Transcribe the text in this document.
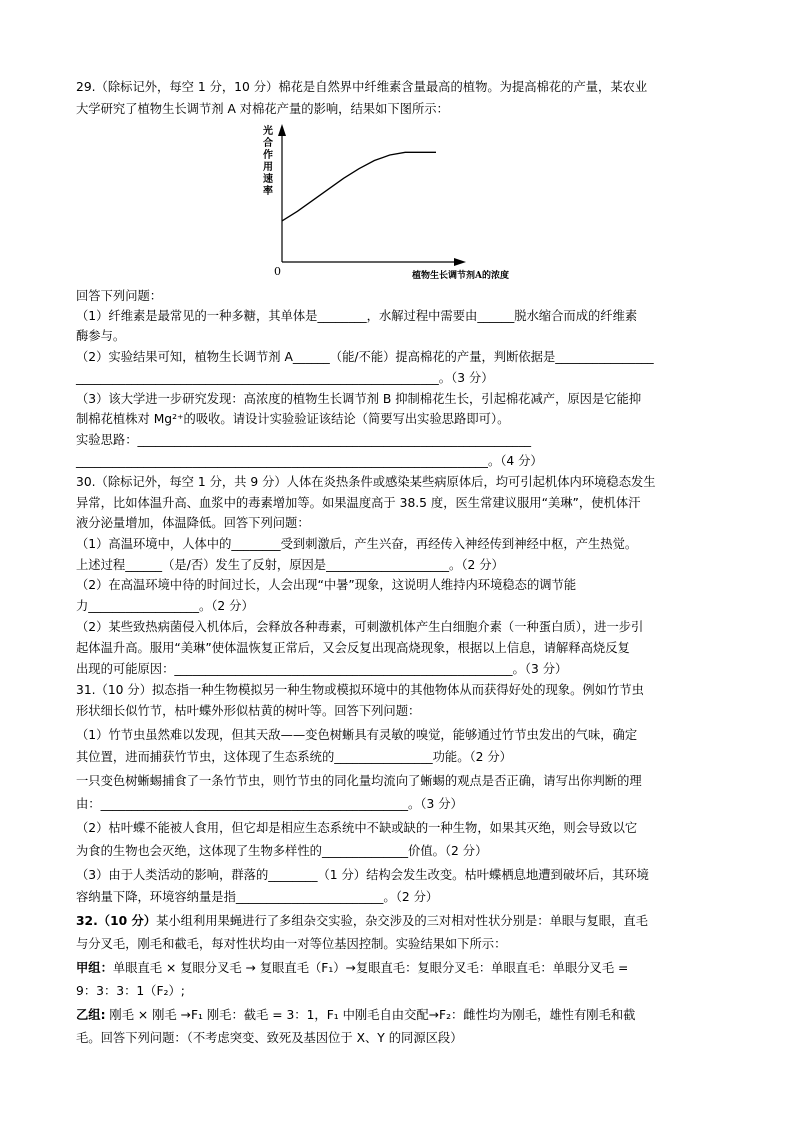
29.（除标记外，每空 1 分，10 分）棉花是自然界中纤维素含量最高的植物。为提高棉花的产量，某农业
大学研究了植物生长调节剂 A 对棉花产量的影响，结果如下图所示：
光
合
作
用
速
率
0	植物生长调节剂A的浓度
回答下列问题：
（1）纤维素是最常见的一种多糖，其单体是________，水解过程中需要由______脱水缩合而成的纤维素
酶参与。
（2）实验结果可知，植物生长调节剂 A______（能/不能）提高棉花的产量，判断依据是________________
___________________________________________________________。（3 分）
（3）该大学进一步研究发现：高浓度的植物生长调节剂 B 抑制棉花生长，引起棉花减产，原因是它能抑
制棉花植株对 Mg²⁺的吸收。请设计实验验证该结论（简要写出实验思路即可）。
实验思路：________________________________________________________________
___________________________________________________________________。（4 分）
30.（除标记外，每空 1 分，共 9 分）人体在炎热条件或感染某些病原体后，均可引起机体内环境稳态发生
异常，比如体温升高、血浆中的毒素增加等。如果温度高于 38.5 度，医生常建议服用“美琳”，使机体汗
液分泌量增加，体温降低。回答下列问题：
（1）高温环境中，人体中的________受到刺激后，产生兴奋，再经传入神经传到神经中枢，产生热觉。
上述过程______（是/否）发生了反射，原因是____________________。（2 分）
（2）在高温环境中待的时间过长，人会出现“中暑”现象，这说明人维持内环境稳态的调节能
力__________________。（2 分）
（2）某些致热病菌侵入机体后，会释放各种毒素，可刺激机体产生白细胞介素（一种蛋白质），进一步引
起体温升高。服用“美琳”使体温恢复正常后，又会反复出现高烧现象，根据以上信息，请解释高烧反复
出现的可能原因：_______________________________________________________。（3 分）
31.（10 分）拟态指一种生物模拟另一种生物或模拟环境中的其他物体从而获得好处的现象。例如竹节虫
形状细长似竹节，枯叶蝶外形似枯黄的树叶等。回答下列问题：
（1）竹节虫虽然难以发现，但其天敌——变色树蜥具有灵敏的嗅觉，能够通过竹节虫发出的气味，确定
其位置，进而捕获竹节虫，这体现了生态系统的________________功能。（2 分）
一只变色树蜥蜴捕食了一条竹节虫，则竹节虫的同化量均流向了蜥蜴的观点是否正确，请写出你判断的理
由：__________________________________________________。（3 分）
（2）枯叶蝶不能被人食用，但它却是相应生态系统中不缺或缺的一种生物，如果其灭绝，则会导致以它
为食的生物也会灭绝，这体现了生物多样性的______________价值。（2 分）
（3）由于人类活动的影响，群落的________（1 分）结构会发生改变。枯叶蝶栖息地遭到破坏后，其环境
容纳量下降，环境容纳量是指________________________。（2 分）
32.（10 分）某小组利用果蝇进行了多组杂交实验，杂交涉及的三对相对性状分别是：单眼与复眼，直毛
与分叉毛，刚毛和截毛，每对性状均由一对等位基因控制。实验结果如下所示：
甲组：单眼直毛 × 复眼分叉毛 → 复眼直毛（F₁）→复眼直毛：复眼分叉毛：单眼直毛：单眼分叉毛 =
9：3：3：1（F₂）;
乙组: 刚毛 × 刚毛 →F₁ 刚毛：截毛 = 3：1，F₁ 中刚毛自由交配→F₂：雌性均为刚毛，雄性有刚毛和截
毛。回答下列问题：（不考虑突变、致死及基因位于 X、Y 的同源区段）
